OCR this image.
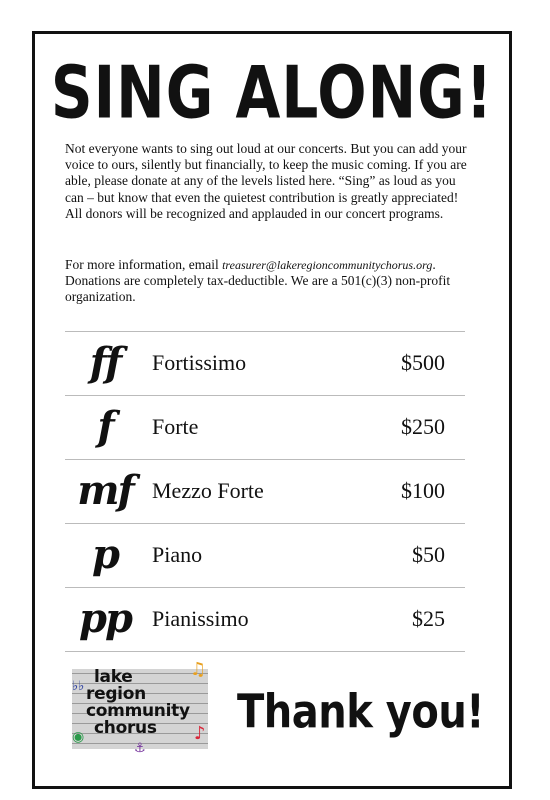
SING ALONG!

Not everyone wants to sing out loud at our concerts. But you can add your voice to ours, silently but financially, to keep the music coming. If you are able, please donate at any of the levels listed here. “Sing” as loud as you can – but know that even the quietest contribution is greatly appreciated! All donors will be recognized and applauded in our concert programs.

For more information, email treasurer@lakeregioncommunitychorus.org. Donations are completely tax-deductible. We are a 501(c)(3) non-profit organization.

ff	Fortissimo	$500
f	Forte	$250
mf Mezzo Forte	$100
p	Piano	$50
pp Pianissimo	$25
lake
region
community
chorus
♫
♭♭
◉	♪
⚓
Thank you!
